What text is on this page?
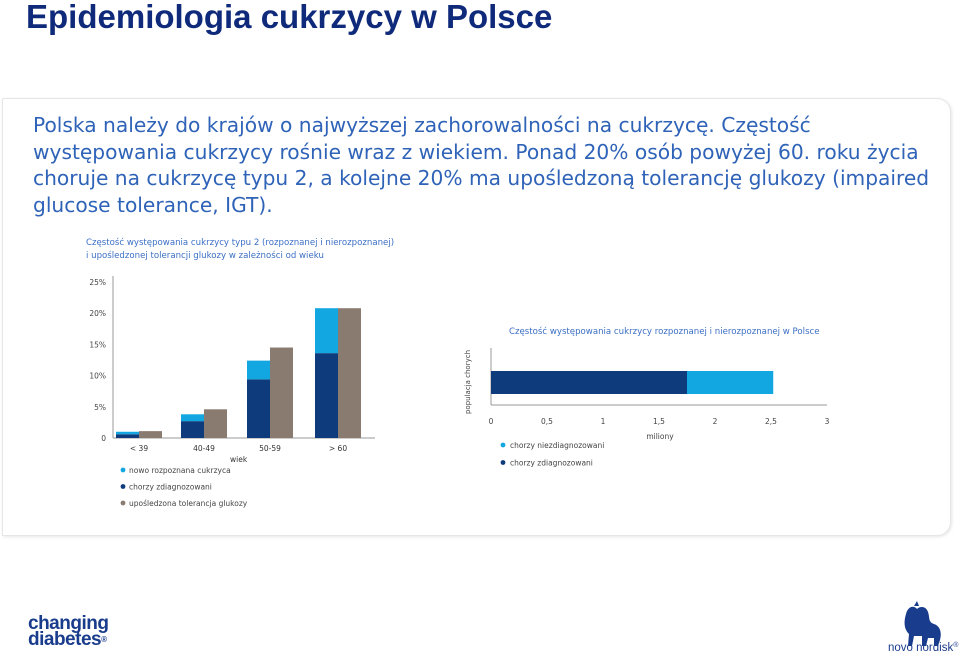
Epidemiologia cukrzycy w Polsce

Polska należy do krajów o najwyższej zachorowalności na cukrzycę. Częstość występowania cukrzycy rośnie wraz z wiekiem. Ponad 20% osób powyżej 60. roku życia choruje na cukrzycę typu 2, a kolejne 20% ma upośledzoną tolerancję glukozy (impaired glucose tolerance, IGT).

Częstość występowania cukrzycy typu 2 (rozpoznanej i nierozpoznanej)
i upośledzonej tolerancji glukozy w zależności od wieku
0
5%
10%
15%
20%
25%
< 39	40-49	50-59	> 60
wiek
nowo rozpoznana cukrzyca
chorzy zdiagnozowani
upośledzona tolerancja glukozy
Częstość występowania cukrzycy rozpoznanej i nierozpoznanej w Polsce
populacja chorych
0	0,5	1	1,5	2	2,5	3
miliony
chorzy niezdiagnozowani
chorzy zdiagnozowani
changing
diabetes®
novo nordisk®
